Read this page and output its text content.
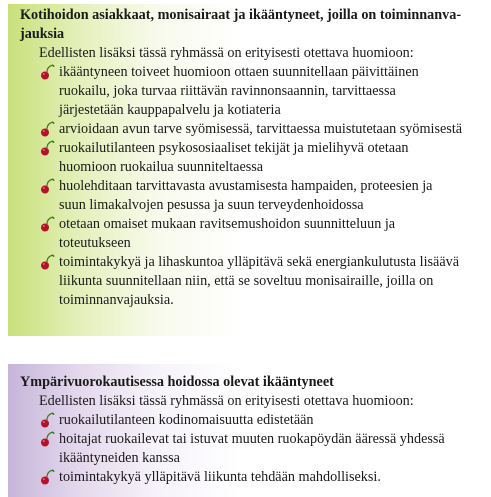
Kotihoidon asiakkaat, monisairaat ja ikääntyneet, joilla on toiminnanva-
jauksia
Edellisten lisäksi tässä ryhmässä on erityisesti otettava huomioon:
ikääntyneen toiveet huomioon ottaen suunnitellaan päivittäinen
ruokailu, joka turvaa riittävän ravinnonsaannin, tarvittaessa
järjestetään kauppapalvelu ja kotiateria
arvioidaan avun tarve syömisessä, tarvittaessa muistutetaan syömisestä
ruokailutilanteen psykososiaaliset tekijät ja mielihyvä otetaan
huomioon ruokailua suunniteltaessa
huolehditaan tarvittavasta avustamisesta hampaiden, proteesien ja
suun limakalvojen pesussa ja suun terveydenhoidossa
otetaan omaiset mukaan ravitsemushoidon suunnitteluun ja
toteutukseen
toimintakykyä ja lihaskuntoa ylläpitävä sekä energiankulutusta lisäävä
liikunta suunnitellaan niin, että se soveltuu monisairaille, joilla on
toiminnanvajauksia.
Ympärivuorokautisessa hoidossa olevat ikääntyneet
Edellisten lisäksi tässä ryhmässä on erityisesti otettava huomioon:
ruokailutilanteen kodinomaisuutta edistetään
hoitajat ruokailevat tai istuvat muuten ruokapöydän ääressä yhdessä
ikääntyneiden kanssa
toimintakykyä ylläpitävä liikunta tehdään mahdolliseksi.
